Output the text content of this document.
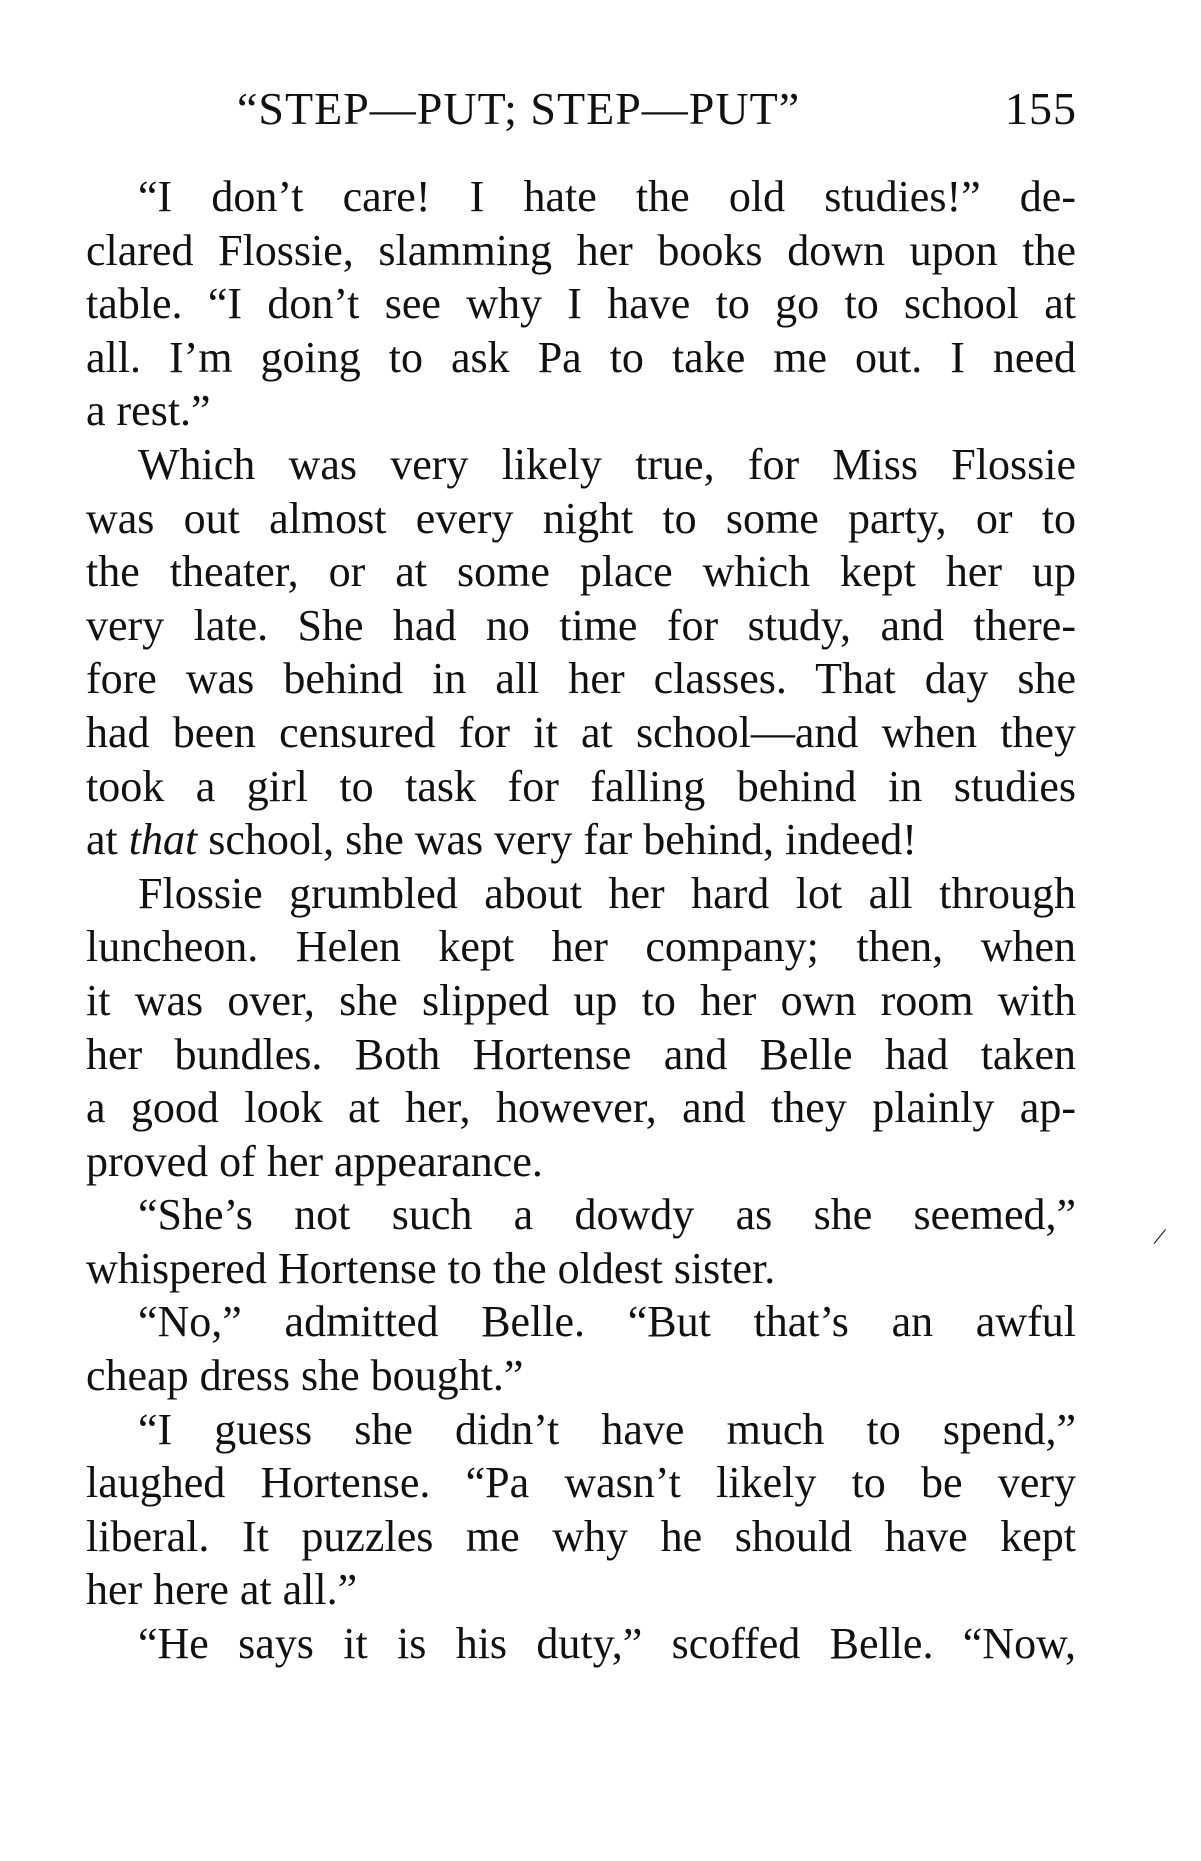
“STEP—PUT; STEP—PUT”	155
“I don’t care! I hate the old studies!” de-
clared Flossie, slamming her books down upon the
table. “I don’t see why I have to go to school at
all. I’m going to ask Pa to take me out. I need
a rest.”
Which was very likely true, for Miss Flossie
was out almost every night to some party, or to
the theater, or at some place which kept her up
very late. She had no time for study, and there-
fore was behind in all her classes. That day she
had been censured for it at school—and when they
took a girl to task for falling behind in studies
at that school, she was very far behind, indeed!
Flossie grumbled about her hard lot all through
luncheon. Helen kept her company; then, when
it was over, she slipped up to her own room with
her bundles. Both Hortense and Belle had taken
a good look at her, however, and they plainly ap-
proved of her appearance.
“She’s not such a dowdy as she seemed,”
whispered Hortense to the oldest sister.
“No,” admitted Belle. “But that’s an awful
cheap dress she bought.”
“I guess she didn’t have much to spend,”
laughed Hortense. “Pa wasn’t likely to be very
liberal. It puzzles me why he should have kept
her here at all.”
“He says it is his duty,” scoffed Belle. “Now,
/
